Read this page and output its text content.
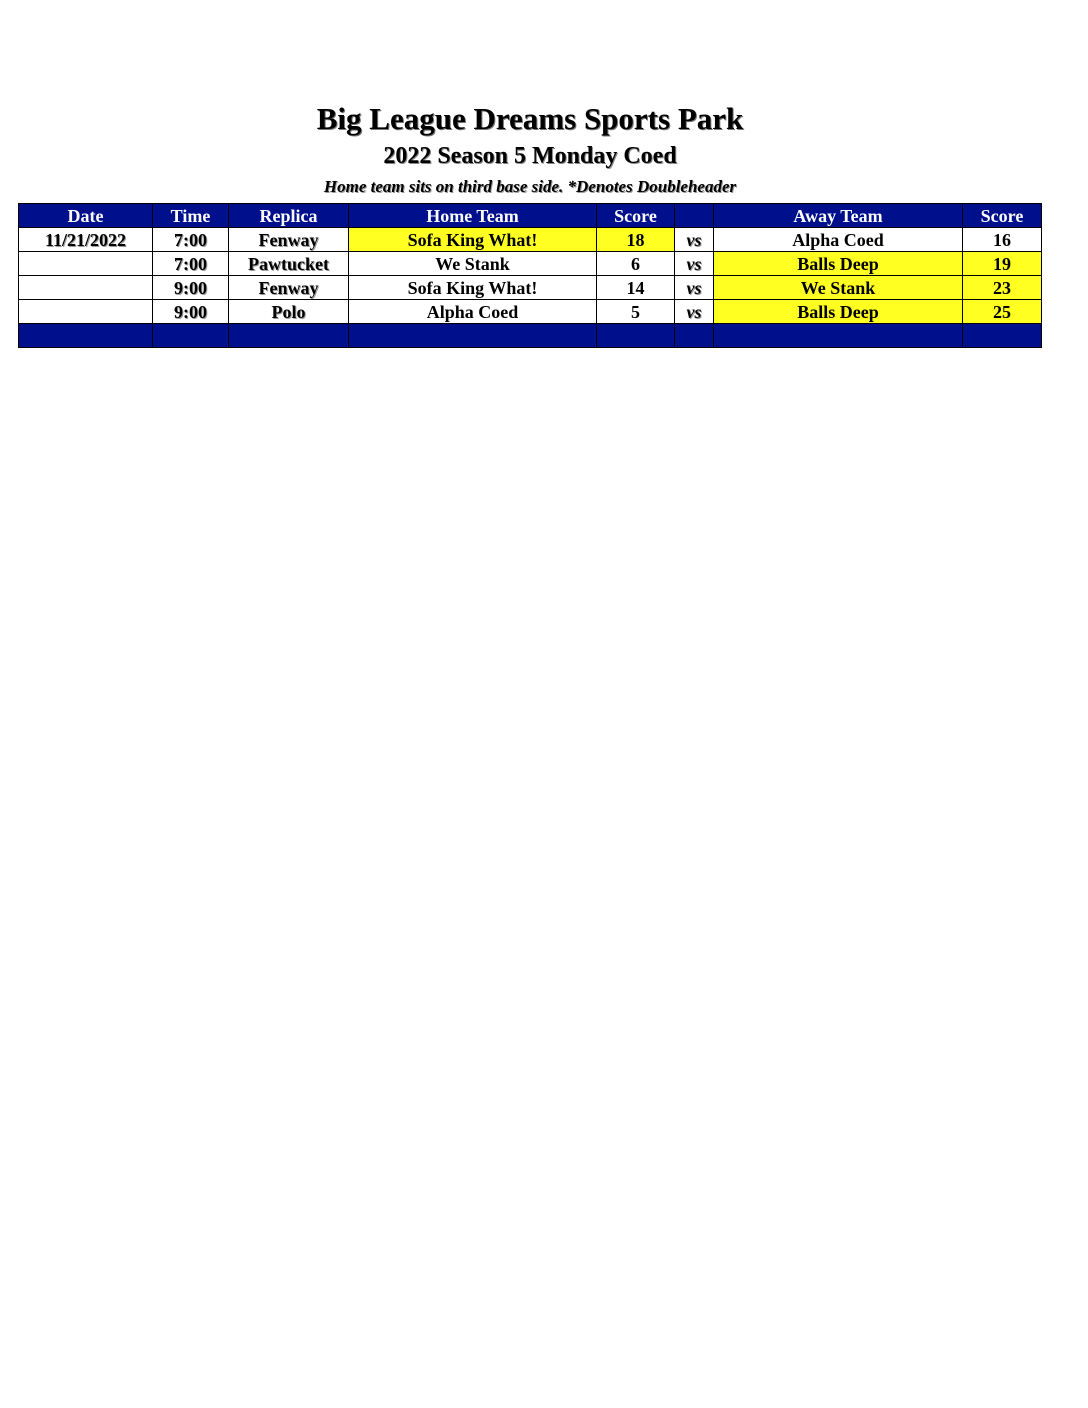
Big League Dreams Sports Park
2022 Season 5 Monday Coed
Home team sits on third base side. *Denotes Doubleheader
Date	Time	Replica	Home Team	Score		Away Team	Score
11/21/2022	7:00	Fenway	Sofa King What!	18	vs	Alpha Coed	16
	7:00	Pawtucket	We Stank	6	vs	Balls Deep	19
	9:00	Fenway	Sofa King What!	14	vs	We Stank	23
	9:00	Polo	Alpha Coed	5	vs	Balls Deep	25
